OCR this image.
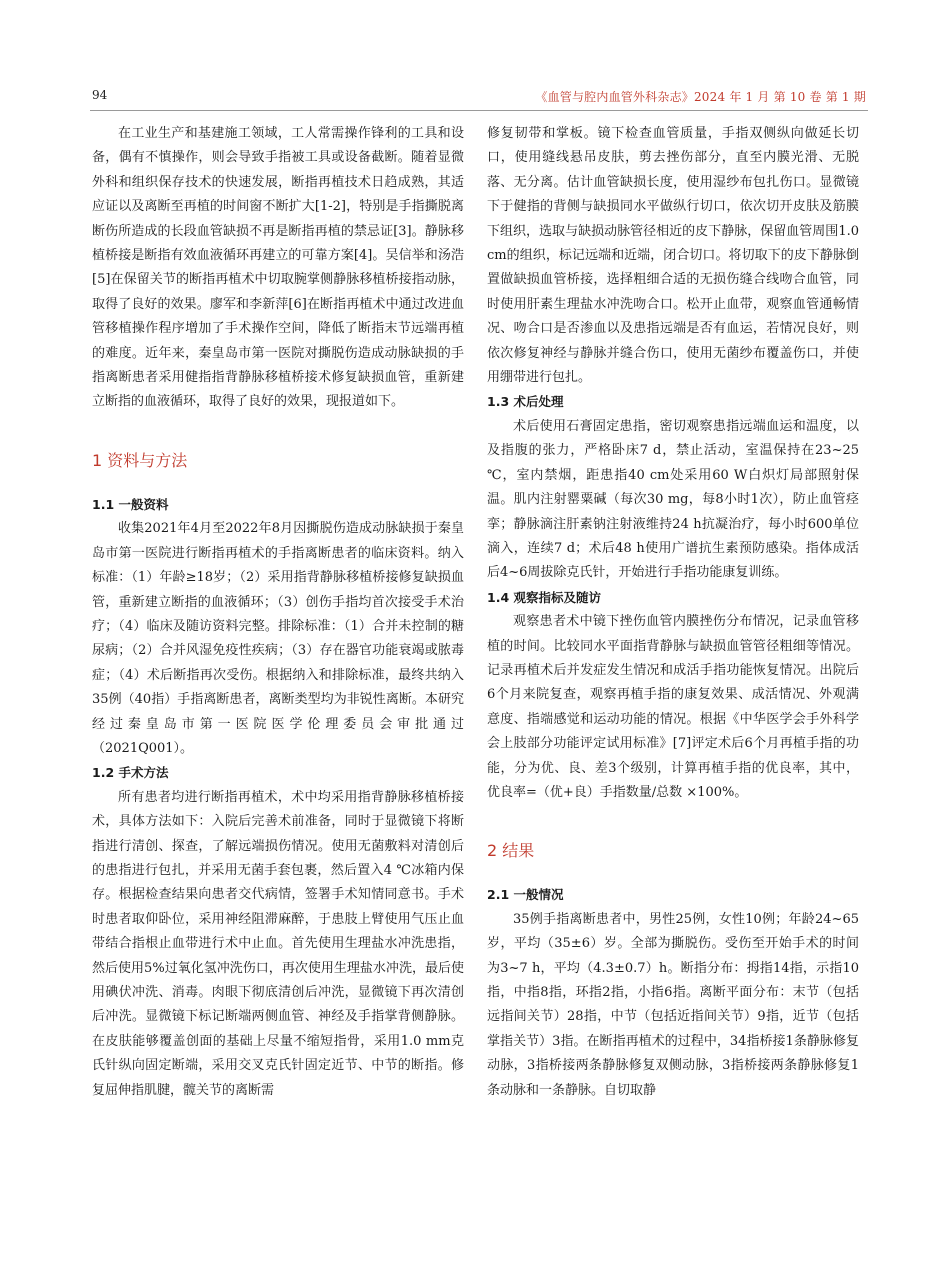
94	《血管与腔内血管外科杂志》2024 年 1 月 第 10 卷 第 1 期

在工业生产和基建施工领域，工人常需操作锋利的工具和设备，偶有不慎操作，则会导致手指被工具或设备截断。随着显微外科和组织保存技术的快速发展，断指再植技术日趋成熟，其适应证以及离断至再植的时间窗不断扩大[1-2]，特别是手指撕脱离断伤所造成的长段血管缺损不再是断指再植的禁忌证[3]。静脉移植桥接是断指有效血液循环再建立的可靠方案[4]。吴信举和汤浩[5]在保留关节的断指再植术中切取腕掌侧静脉移植桥接指动脉，取得了良好的效果。廖军和李新萍[6]在断指再植术中通过改进血管移植操作程序增加了手术操作空间，降低了断指末节远端再植的难度。近年来，秦皇岛市第一医院对撕脱伤造成动脉缺损的手指离断患者采用健指指背静脉移植桥接术修复缺损血管，重新建立断指的血液循环，取得了良好的效果，现报道如下。

1 资料与方法
1.1 一般资料

收集2021年4月至2022年8月因撕脱伤造成动脉缺损于秦皇岛市第一医院进行断指再植术的手指离断患者的临床资料。纳入标准：（1）年龄≥18岁；（2）采用指背静脉移植桥接修复缺损血管，重新建立断指的血液循环；（3）创伤手指均首次接受手术治疗；（4）临床及随访资料完整。排除标准：（1）合并未控制的糖尿病；（2）合并风湿免疫性疾病；（3）存在器官功能衰竭或脓毒症；（4）术后断指再次受伤。根据纳入和排除标准，最终共纳入35例（40指）手指离断患者，离断类型均为非锐性离断。本研究经过秦皇岛市第一医院医学伦理委员会审批通过（2021Q001）。

1.2 手术方法

所有患者均进行断指再植术，术中均采用指背静脉移植桥接术，具体方法如下：入院后完善术前准备，同时于显微镜下将断指进行清创、探查，了解远端损伤情况。使用无菌敷料对清创后的患指进行包扎，并采用无菌手套包裹，然后置入4 ℃冰箱内保存。根据检查结果向患者交代病情，签署手术知情同意书。手术时患者取仰卧位，采用神经阻滞麻醉，于患肢上臂使用气压止血带结合指根止血带进行术中止血。首先使用生理盐水冲洗患指，然后使用5%过氧化氢冲洗伤口，再次使用生理盐水冲洗，最后使用碘伏冲洗、消毒。肉眼下彻底清创后冲洗，显微镜下再次清创后冲洗。显微镜下标记断端两侧血管、神经及手指掌背侧静脉。在皮肤能够覆盖创面的基础上尽量不缩短指骨，采用1.0 mm克氏针纵向固定断端，采用交叉克氏针固定近节、中节的断指。修复屈伸指肌腱，髋关节的离断需

修复韧带和掌板。镜下检查血管质量，手指双侧纵向做延长切口，使用缝线悬吊皮肤，剪去挫伤部分，直至内膜光滑、无脱落、无分离。估计血管缺损长度，使用湿纱布包扎伤口。显微镜下于健指的背侧与缺损同水平做纵行切口，依次切开皮肤及筋膜下组织，选取与缺损动脉管径相近的皮下静脉，保留血管周围1.0 cm的组织，标记远端和近端，闭合切口。将切取下的皮下静脉倒置做缺损血管桥接，选择粗细合适的无损伤缝合线吻合血管，同时使用肝素生理盐水冲洗吻合口。松开止血带，观察血管通畅情况、吻合口是否渗血以及患指远端是否有血运，若情况良好，则依次修复神经与静脉并缝合伤口，使用无菌纱布覆盖伤口，并使用绷带进行包扎。

1.3 术后处理

术后使用石膏固定患指，密切观察患指远端血运和温度，以及指腹的张力，严格卧床7 d，禁止活动，室温保持在23~25 ℃，室内禁烟，距患指40 cm处采用60 W白炽灯局部照射保温。肌内注射罂粟碱（每次30 mg，每8小时1次），防止血管痉挛；静脉滴注肝素钠注射液维持24 h抗凝治疗，每小时600单位滴入，连续7 d；术后48 h使用广谱抗生素预防感染。指体成活后4~6周拔除克氏针，开始进行手指功能康复训练。

1.4 观察指标及随访

观察患者术中镜下挫伤血管内膜挫伤分布情况，记录血管移植的时间。比较同水平面指背静脉与缺损血管管径粗细等情况。记录再植术后并发症发生情况和成活手指功能恢复情况。出院后6个月来院复查，观察再植手指的康复效果、成活情况、外观满意度、指端感觉和运动功能的情况。根据《中华医学会手外科学会上肢部分功能评定试用标准》[7]评定术后6个月再植手指的功能，分为优、良、差3个级别，计算再植手指的优良率，其中，优良率=（优+良）手指数量/总数 ×100%。

2 结果
2.1 一般情况

35例手指离断患者中，男性25例，女性10例；年龄24~65岁，平均（35±6）岁。全部为撕脱伤。受伤至开始手术的时间为3~7 h，平均（4.3±0.7）h。断指分布：拇指14指，示指10指，中指8指，环指2指，小指6指。离断平面分布：末节（包括远指间关节）28指，中节（包括近指间关节）9指，近节（包括掌指关节）3指。在断指再植术的过程中，34指桥接1条静脉修复动脉，3指桥接两条静脉修复双侧动脉，3指桥接两条静脉修复1条动脉和一条静脉。自切取静
